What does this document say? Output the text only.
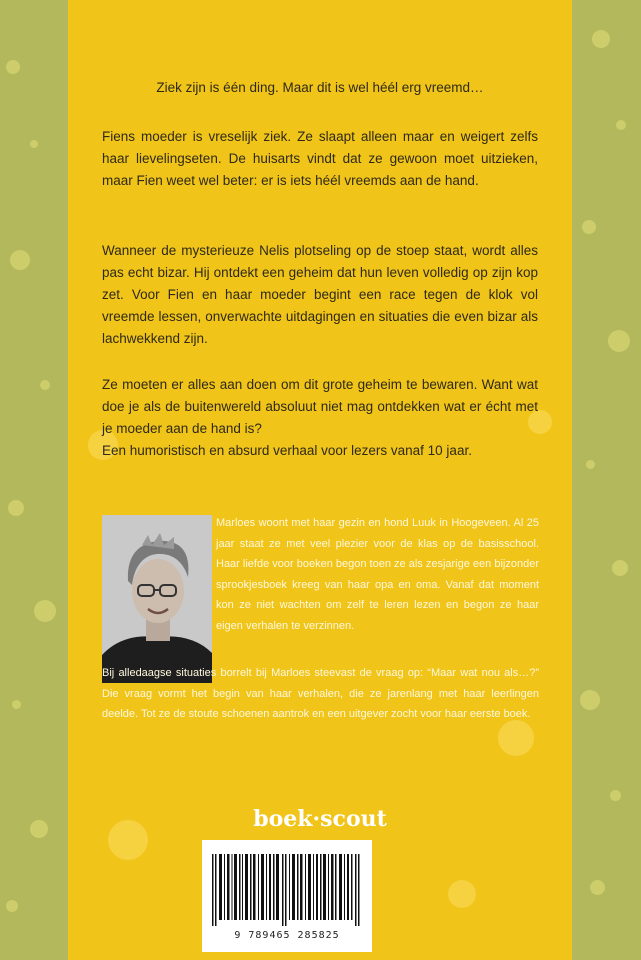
Ziek zijn is één ding. Maar dit is wel héél erg vreemd…
Fiens moeder is vreselijk ziek. Ze slaapt alleen maar en weigert zelfs haar lievelingseten. De huisarts vindt dat ze gewoon moet uitzieken, maar Fien weet wel beter: er is iets héél vreemds aan de hand.
Wanneer de mysterieuze Nelis plotseling op de stoep staat, wordt alles pas echt bizar. Hij ontdekt een geheim dat hun leven volledig op zijn kop zet. Voor Fien en haar moeder begint een race tegen de klok vol vreemde lessen, onverwachte uitdagingen en situaties die even bizar als lachwekkend zijn.
Ze moeten er alles aan doen om dit grote geheim te bewaren. Want wat doe je als de buitenwereld absoluut niet mag ontdekken wat er écht met je moeder aan de hand is?
Een humoristisch en absurd verhaal voor lezers vanaf 10 jaar.
Marloes woont met haar gezin en hond Luuk in Hoogeveen. Al 25 jaar staat ze met veel plezier voor de klas op de basisschool. Haar liefde voor boeken begon toen ze als zesjarige een bijzonder sprookjesboek kreeg van haar opa en oma. Vanaf dat moment kon ze niet wachten om zelf te leren lezen en begon ze haar eigen verhalen te verzinnen.
Bij alledaagse situaties borrelt bij Marloes steevast de vraag op: “Maar wat nou als…?” Die vraag vormt het begin van haar verhalen, die ze jarenlang met haar leerlingen deelde. Tot ze de stoute schoenen aantrok en een uitgever zocht voor haar eerste boek.
boek·scout
9 789465 285825
